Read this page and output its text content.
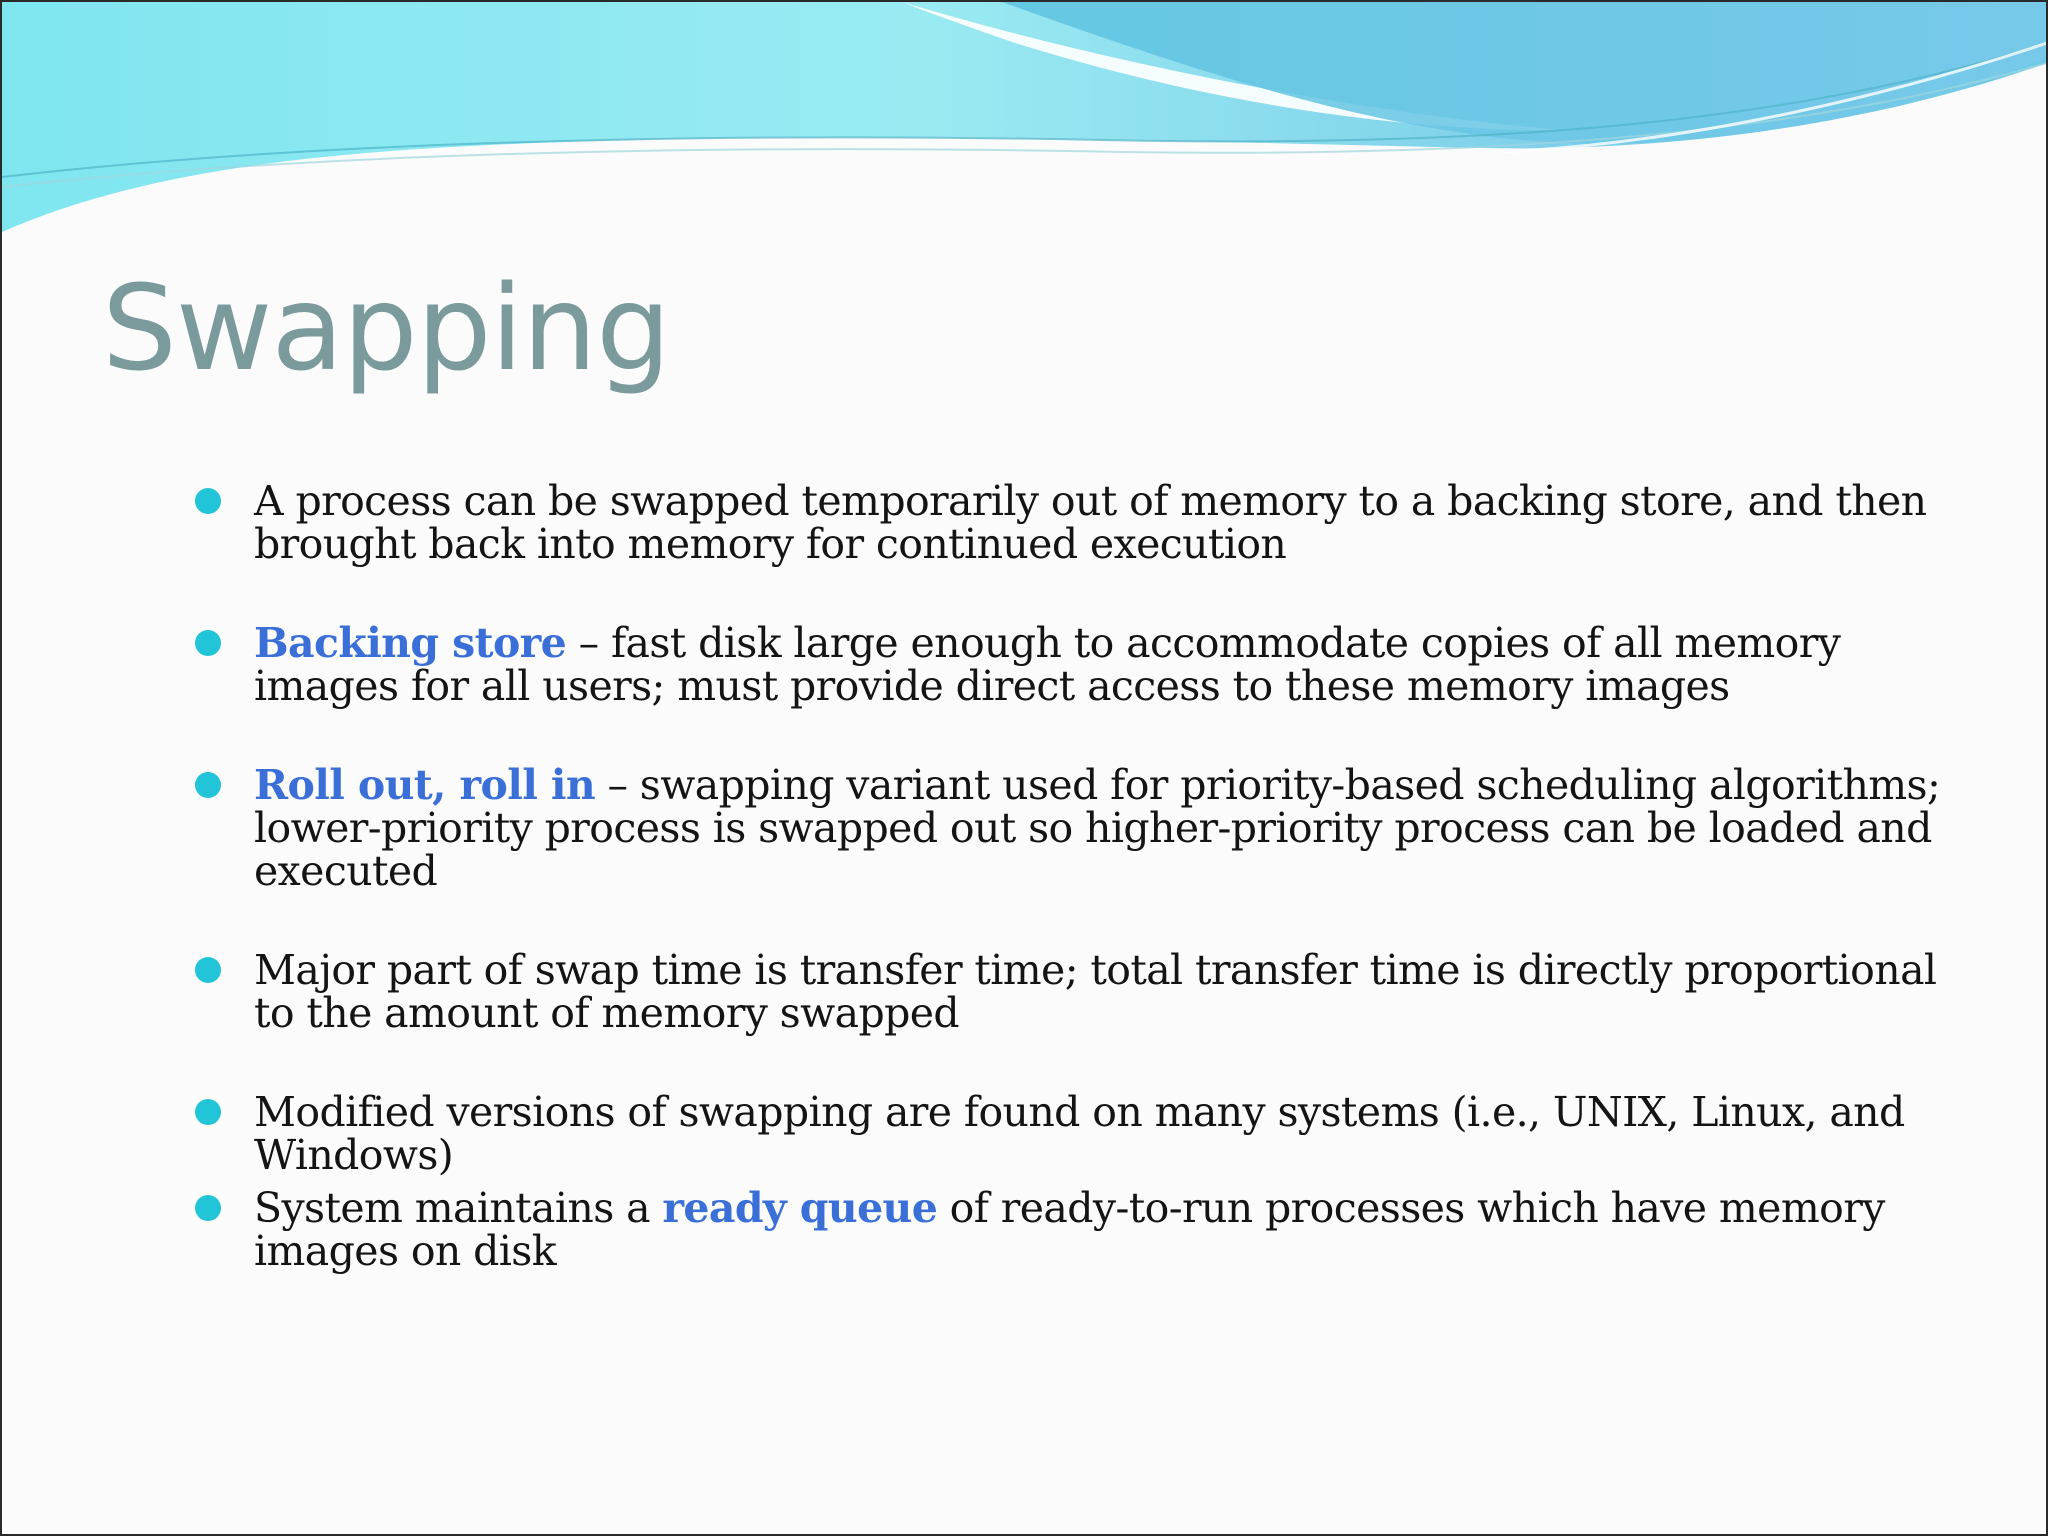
Swapping
A process can be swapped temporarily out of memory to a backing store, and then brought back into memory for continued execution
Backing store – fast disk large enough to accommodate copies of all memory images for all users; must provide direct access to these memory images
Roll out, roll in – swapping variant used for priority-based scheduling algorithms; lower-priority process is swapped out so higher-priority process can be loaded and executed
Major part of swap time is transfer time; total transfer time is directly proportional to the amount of memory swapped
Modified versions of swapping are found on many systems (i.e., UNIX, Linux, and Windows)
System maintains a ready queue of ready-to-run processes which have memory images on disk
